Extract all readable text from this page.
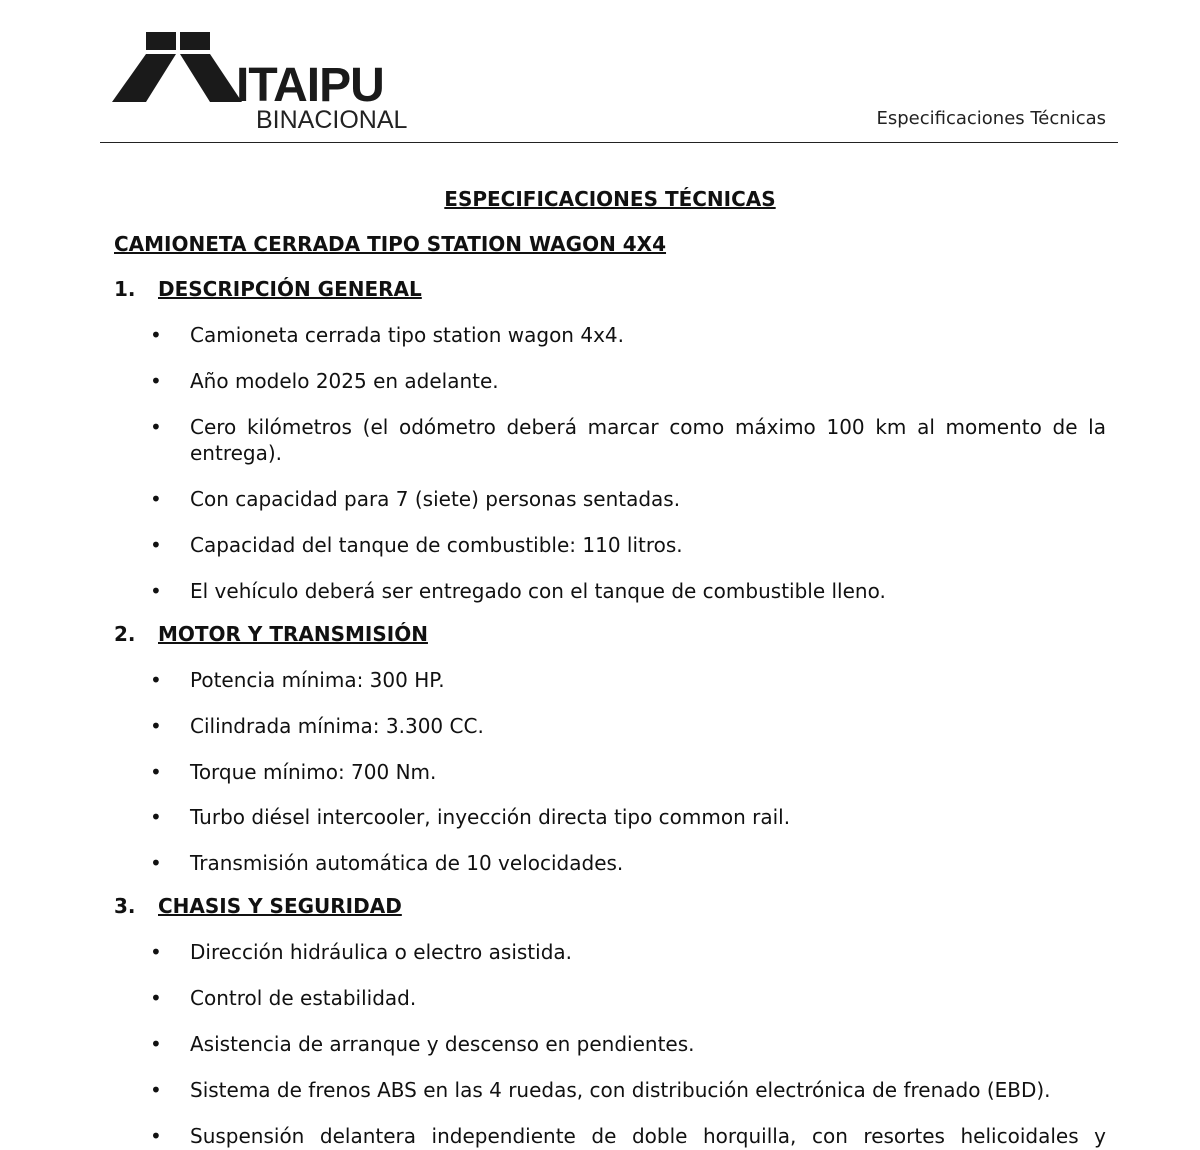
ITAIPU
BINACIONAL	Especificaciones Técnicas
ESPECIFICACIONES TÉCNICAS
CAMIONETA CERRADA TIPO STATION WAGON 4X4
1. DESCRIPCIÓN GENERAL
•	Camioneta cerrada tipo station wagon 4x4.
•	Año modelo 2025 en adelante.
•	Cero kilómetros (el odómetro deberá marcar como máximo 100 km al momento de la entrega).
•	Con capacidad para 7 (siete) personas sentadas.
•	Capacidad del tanque de combustible: 110 litros.
•	El vehículo deberá ser entregado con el tanque de combustible lleno.
2. MOTOR Y TRANSMISIÓN
•	Potencia mínima: 300 HP.
•	Cilindrada mínima: 3.300 CC.
•	Torque mínimo: 700 Nm.
•	Turbo diésel intercooler, inyección directa tipo common rail.
•	Transmisión automática de 10 velocidades.
3. CHASIS Y SEGURIDAD
•	Dirección hidráulica o electro asistida.
•	Control de estabilidad.
•	Asistencia de arranque y descenso en pendientes.
•	Sistema de frenos ABS en las 4 ruedas, con distribución electrónica de frenado (EBD).
•	Suspensión delantera independiente de doble horquilla, con resortes helicoidales y
